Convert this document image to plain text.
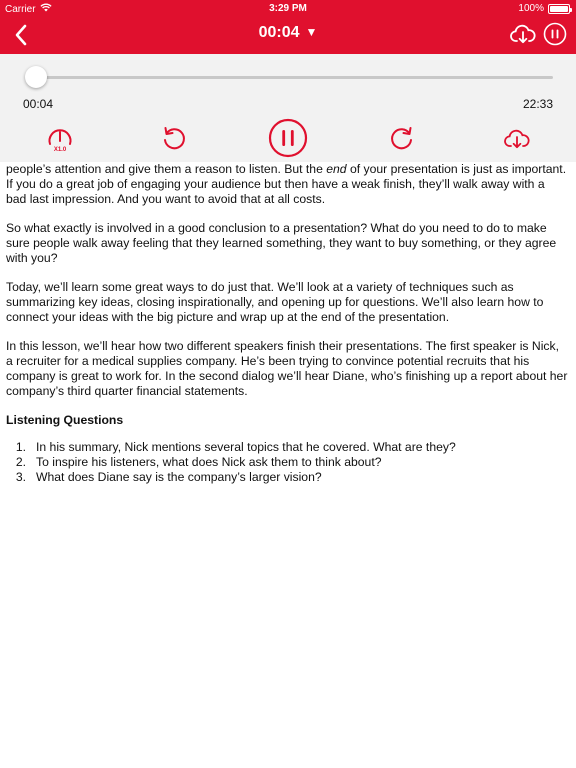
Carrier	3:29 PM	100%
00:04 ▼
00:04	22:33
X1.0

people’s attention and give them a reason to listen. But the end of your presentation is just as important. If you do a great job of engaging your audience but then have a weak finish, they’ll walk away with a bad last impression. And you want to avoid that at all costs.

So what exactly is involved in a good conclusion to a presentation? What do you need to do to make sure people walk away feeling that they learned something, they want to buy something, or they agree with you?

Today, we’ll learn some great ways to do just that. We’ll look at a variety of techniques such as summarizing key ideas, closing inspirationally, and opening up for questions. We’ll also learn how to connect your ideas with the big picture and wrap up at the end of the presentation.

In this lesson, we’ll hear how two different speakers finish their presentations. The first speaker is Nick, a recruiter for a medical supplies company. He’s been trying to convince potential recruits that his company is great to work for. In the second dialog we’ll hear Diane, who’s finishing up a report about her company’s third quarter financial statements.

Listening Questions
1. In his summary, Nick mentions several topics that he covered. What are they?
2. To inspire his listeners, what does Nick ask them to think about?
3. What does Diane say is the company’s larger vision?
